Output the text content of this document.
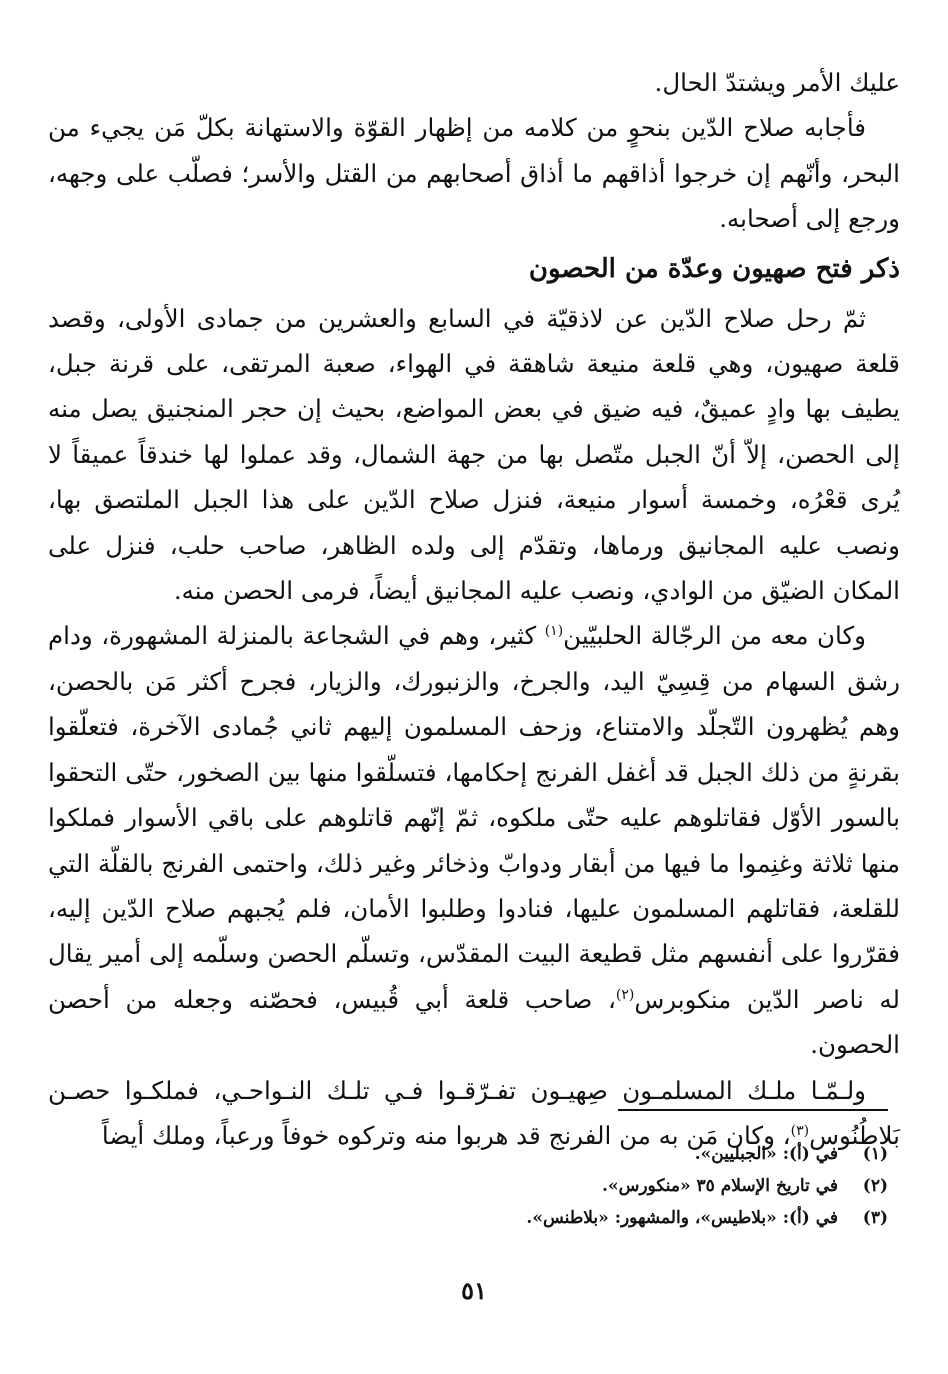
عليك الأمر ويشتدّ الحال.

فأجابه صلاح الدّين بنحوٍ من كلامه من إظهار القوّة والاستهانة بكلّ مَن يجيء من البحر، وأنّهم إن خرجوا أذاقهم ما أذاق أصحابهم من القتل والأسر؛ فصلّب على وجهه، ورجع إلى أصحابه.

ذكر فتح صهيون وعدّة من الحصون

ثمّ رحل صلاح الدّين عن لاذقيّة في السابع والعشرين من جمادى الأولى، وقصد قلعة صهيون، وهي قلعة منيعة شاهقة في الهواء، صعبة المرتقى، على قرنة جبل، يطيف بها وادٍ عميقٌ، فيه ضيق في بعض المواضع، بحيث إن حجر المنجنيق يصل منه إلى الحصن، إلاّ أنّ الجبل متّصل بها من جهة الشمال، وقد عملوا لها خندقاً عميقاً لا يُرى قعْرُه، وخمسة أسوار منيعة، فنزل صلاح الدّين على هذا الجبل الملتصق بها، ونصب عليه المجانيق ورماها، وتقدّم إلى ولده الظاهر، صاحب حلب، فنزل على المكان الضيّق من الوادي، ونصب عليه المجانيق أيضاً، فرمى الحصن منه.

وكان معه من الرجّالة الحلبيّين$^{(١)}$ كثير، وهم في الشجاعة بالمنزلة المشهورة، ودام رشق السهام من قِسِيّ اليد، والجرخ، والزنبورك، والزيار، فجرح أكثر مَن بالحصن، وهم يُظهرون التّجلّد والامتناع، وزحف المسلمون إليهم ثاني جُمادى الآخرة، فتعلّقوا بقرنةٍ من ذلك الجبل قد أغفل الفرنج إحكامها، فتسلّقوا منها بين الصخور، حتّى التحقوا بالسور الأوّل فقاتلوهم عليه حتّى ملكوه، ثمّ إنّهم قاتلوهم على باقي الأسوار فملكوا منها ثلاثة وغنِموا ما فيها من أبقار ودوابّ وذخائر وغير ذلك، واحتمى الفرنج بالقلّة التي للقلعة، فقاتلهم المسلمون عليها، فنادوا وطلبوا الأمان، فلم يُجبهم صلاح الدّين إليه، فقرّروا على أنفسهم مثل قطيعة البيت المقدّس، وتسلّم الحصن وسلّمه إلى أمير يقال له ناصر الدّين منكوبرس$^{(٢)}$، صاحب قلعة أبي قُبيس، فحصّنه وجعله من أحصن الحصون.

ولـمّـا ملـك المسلمـون صِهيـون تفـرّقـوا فـي تلـك النـواحـي، فملكـوا حصـن بَلاطُنُوس$^{(٣)}$، وكان مَن به من الفرنج قد هربوا منه وتركوه خوفاً ورعباً، وملك أيضاً

(١)
في (أ): «الجبليين».
(٢)
في تاريخ الإسلام ٣٥ «منكورس».
(٣)
في (أ): «بلاطيس»، والمشهور: «بلاطنس».
٥١
